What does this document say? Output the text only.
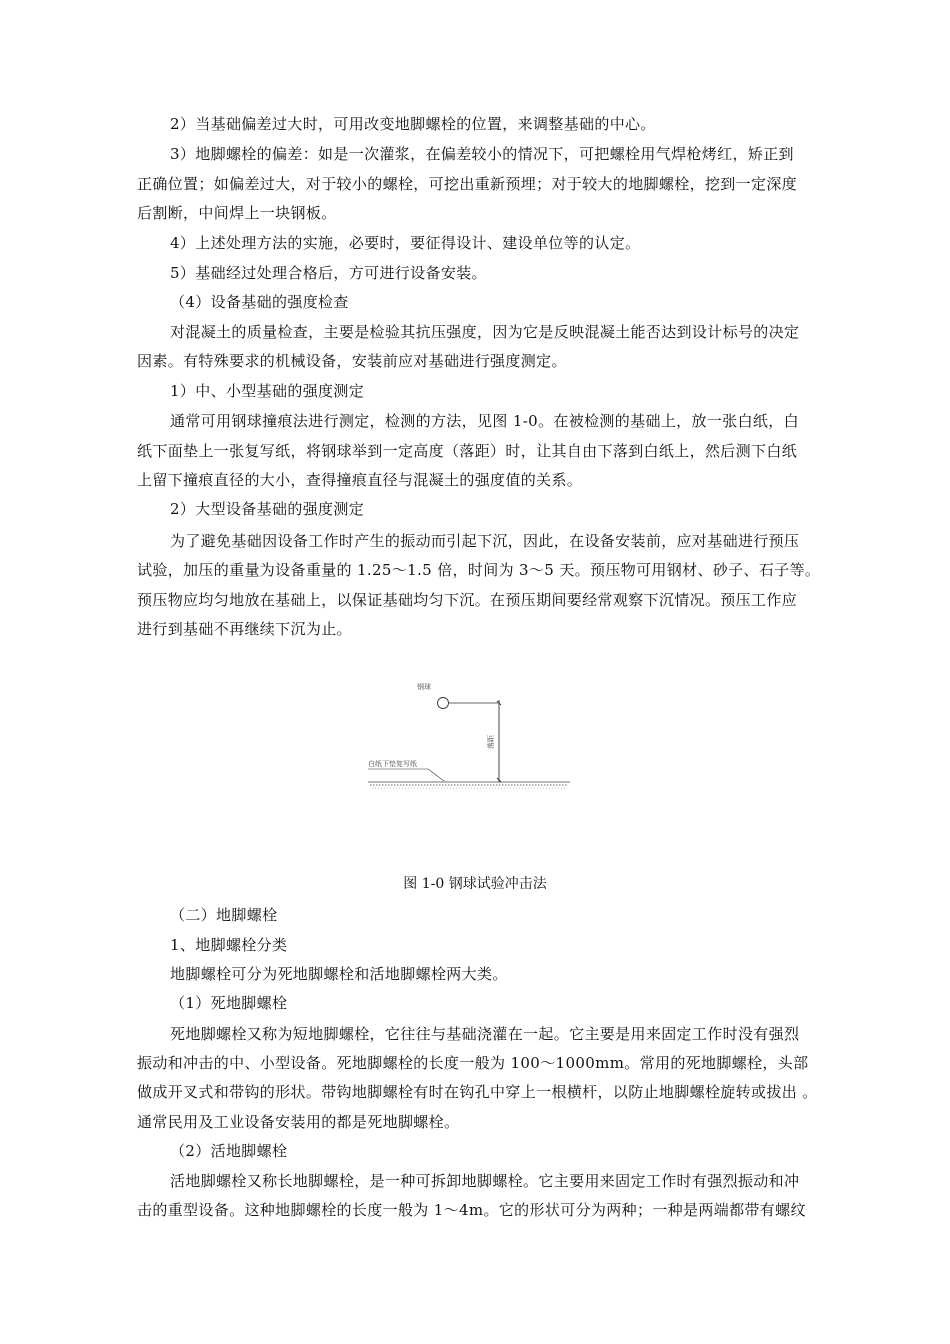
2）当基础偏差过大时，可用改变地脚螺栓的位置，来调整基础的中心。
3）地脚螺栓的偏差：如是一次灌浆，在偏差较小的情况下，可把螺栓用气焊枪烤红，矫正到
正确位置；如偏差过大，对于较小的螺栓，可挖出重新预埋；对于较大的地脚螺栓，挖到一定深度
后割断，中间焊上一块钢板。
4）上述处理方法的实施，必要时，要征得设计、建设单位等的认定。
5）基础经过处理合格后，方可进行设备安装。
（4）设备基础的强度检查
对混凝土的质量检查，主要是检验其抗压强度，因为它是反映混凝土能否达到设计标号的决定
因素。有特殊要求的机械设备，安装前应对基础进行强度测定。
1）中、小型基础的强度测定
通常可用钢球撞痕法进行测定，检测的方法，见图 1-0。在被检测的基础上，放一张白纸，白
纸下面垫上一张复写纸，将钢球举到一定高度（落距）时，让其自由下落到白纸上，然后测下白纸
上留下撞痕直径的大小，查得撞痕直径与混凝土的强度值的关系。
2）大型设备基础的强度测定
为了避免基础因设备工作时产生的振动而引起下沉，因此，在设备安装前，应对基础进行预压
试验，加压的重量为设备重量的 1.25～1.5 倍，时间为 3～5 天。预压物可用钢材、砂子、石子等。
预压物应均匀地放在基础上，以保证基础均匀下沉。在预压期间要经常观察下沉情况。预压工作应
进行到基础不再继续下沉为止。
钢球
落距
白纸下垫复写纸
图 1-0 钢球试验冲击法
（二）地脚螺栓
1、地脚螺栓分类
地脚螺栓可分为死地脚螺栓和活地脚螺栓两大类。
（1）死地脚螺栓
死地脚螺栓又称为短地脚螺栓，它往往与基础浇灌在一起。它主要是用来固定工作时没有强烈
振动和冲击的中、小型设备。死地脚螺栓的长度一般为 100～1000mm。常用的死地脚螺栓，头部
做成开叉式和带钩的形状。带钩地脚螺栓有时在钩孔中穿上一根横杆，以防止地脚螺栓旋转或拔出 。
通常民用及工业设备安装用的都是死地脚螺栓。
（2）活地脚螺栓
活地脚螺栓又称长地脚螺栓，是一种可拆卸地脚螺栓。它主要用来固定工作时有强烈振动和冲
击的重型设备。这种地脚螺栓的长度一般为 1～4m。它的形状可分为两种；一种是两端都带有螺纹
